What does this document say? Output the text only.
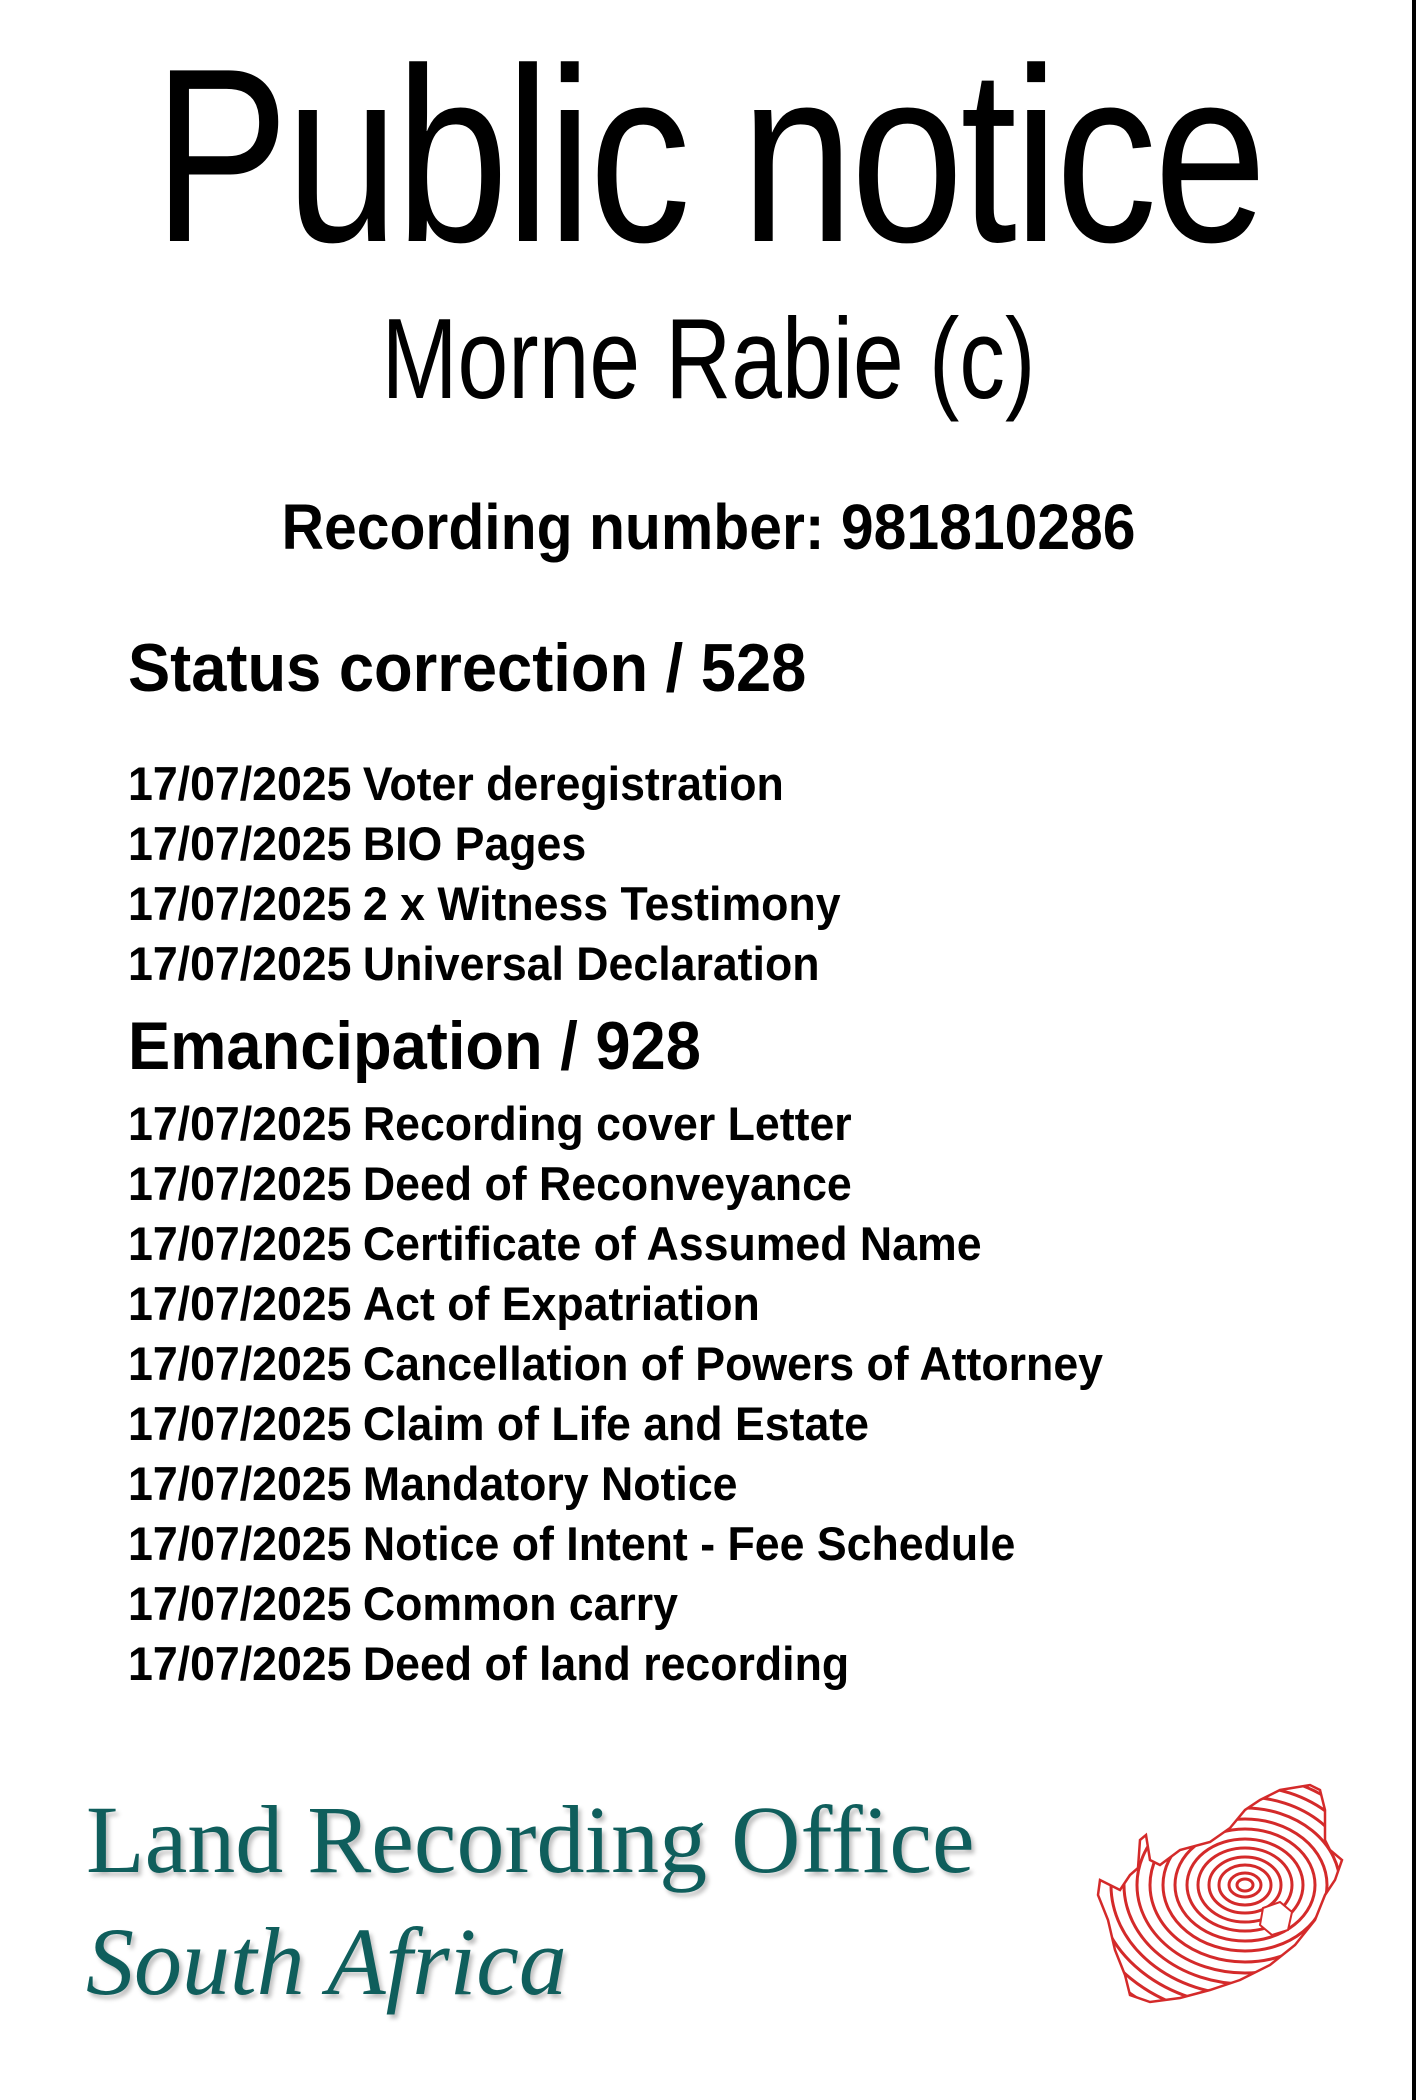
Public notice
Morne Rabie (c)
Recording number: 981810286
Status correction / 528
17/07/2025 Voter deregistration
17/07/2025 BIO Pages
17/07/2025 2 x Witness Testimony
17/07/2025 Universal Declaration
Emancipation / 928
17/07/2025 Recording cover Letter
17/07/2025 Deed of Reconveyance
17/07/2025 Certificate of Assumed Name
17/07/2025 Act of Expatriation
17/07/2025 Cancellation of Powers of Attorney
17/07/2025 Claim of Life and Estate
17/07/2025 Mandatory Notice
17/07/2025 Notice of Intent - Fee Schedule
17/07/2025 Common carry
17/07/2025 Deed of land recording
Land Recording Office
South Africa
